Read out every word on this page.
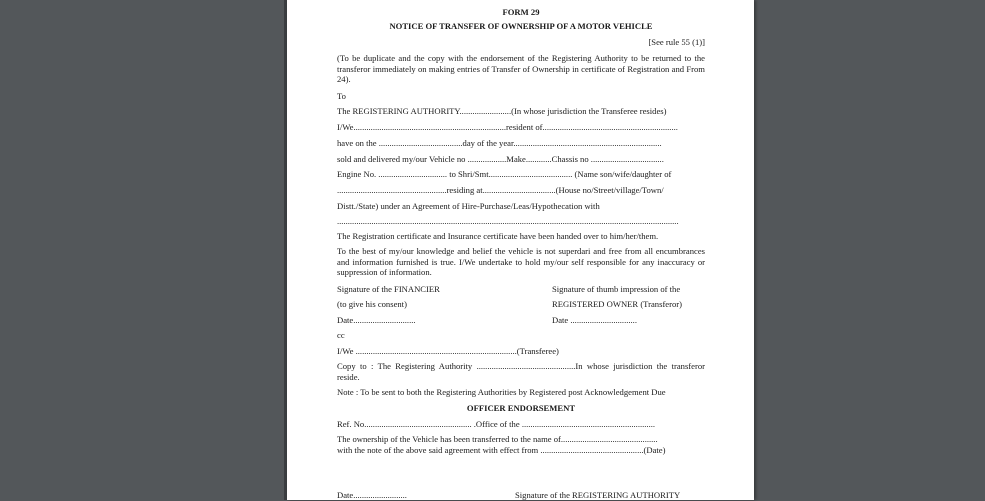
FORM 29
NOTICE OF TRANSFER OF OWNERSHIP OF A MOTOR VEHICLE
[See rule 55 (1)]
(To be duplicate and the copy with the endorsement of the Registering Authority to be returned to the transferor immediately on making entries of Transfer of Ownership in certificate of Registration and From 24).
To
The REGISTERING AUTHORITY........................(In whose jurisdiction the Transferee resides)
I/We.......................................................................resident of...............................................................
have on the .......................................day of the year.....................................................................
sold and delivered my/our Vehicle no ..................Make............Chassis no ..................................
Engine No. ................................ to Shri/Smt....................................... (Name son/wife/daughter of
...................................................residing at..................................(House no/Street/village/Town/
Distt./State) under an Agreement of Hire-Purchase/Leas/Hypothecation with
...............................................................................................................................................................
The Registration certificate and Insurance certificate have been handed over to him/her/them.
To the best of my/our knowledge and belief the vehicle is not superdari and free from all encumbrances and information furnished is true. I/We undertake to hold my/our self responsible for any inaccuracy or suppression of information.
Signature of the FINANCIER	Signature of thumb impression of the
(to give his consent)	REGISTERED OWNER (Transferor)
Date.............................	Date ...............................
cc
I/We ...........................................................................(Transferee)
Copy to : The Registering Authority ..............................................In whose jurisdiction the transferor reside.
Note : To be sent to both the Registering Authorities by Registered post Acknowledgement Due
OFFICER ENDORSEMENT
Ref. No.................................................. .Office of the ..............................................................
The ownership of the Vehicle has been transferred to the name of.............................................
with the note of the above said agreement with effect from ................................................(Date)
Date.........................	Signature of the REGISTERING AUTHORITY
